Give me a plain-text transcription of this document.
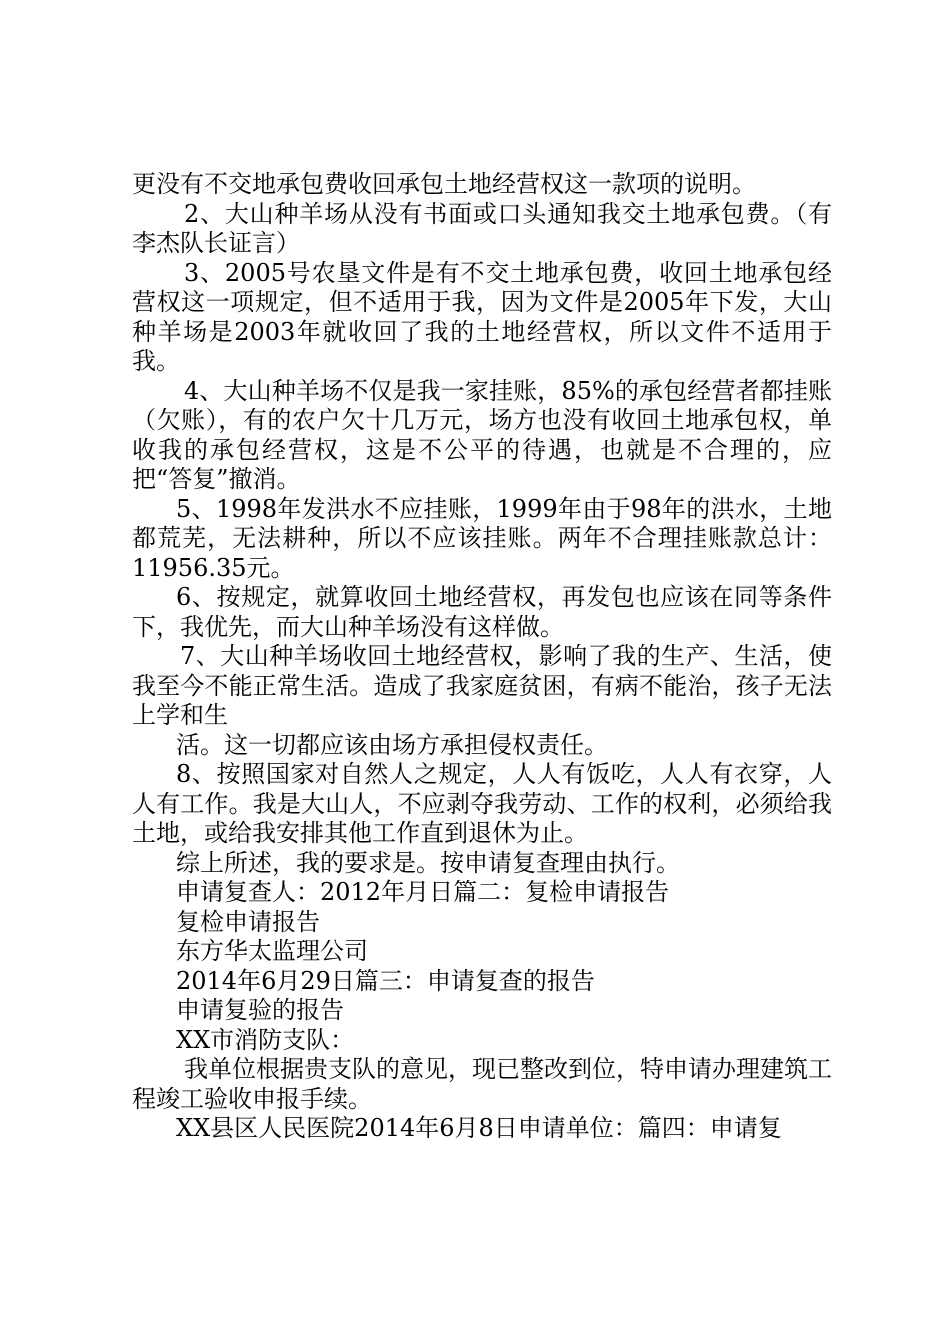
更没有不交地承包费收回承包土地经营权这一款项的说明。

2、大山种羊场从没有书面或口头通知我交土地承包费。（有李杰队长证言）

3、2005号农垦文件是有不交土地承包费，收回土地承包经营权这一项规定，但不适用于我，因为文件是2005年下发，大山种羊场是2003年就收回了我的土地经营权，所以文件不适用于我。

4、大山种羊场不仅是我一家挂账，85%的承包经营者都挂账（欠账），有的农户欠十几万元，场方也没有收回土地承包权，单收我的承包经营权，这是不公平的待遇，也就是不合理的，应把“答复”撤消。

5、1998年发洪水不应挂账，1999年由于98年的洪水，土地都荒芜，无法耕种，所以不应该挂账。两年不合理挂账款总计：11956.35元。

6、按规定，就算收回土地经营权，再发包也应该在同等条件下，我优先，而大山种羊场没有这样做。

7、大山种羊场收回土地经营权，影响了我的生产、生活，使我至今不能正常生活。造成了我家庭贫困，有病不能治，孩子无法上学和生

活。这一切都应该由场方承担侵权责任。

8、按照国家对自然人之规定，人人有饭吃，人人有衣穿，人人有工作。我是大山人，不应剥夺我劳动、工作的权利，必须给我土地，或给我安排其他工作直到退休为止。

综上所述，我的要求是。按申请复查理由执行。

申请复查人：2012年月日篇二：复检申请报告

复检申请报告

东方华太监理公司

2014年6月29日篇三：申请复查的报告

申请复验的报告

XX市消防支队：

我单位根据贵支队的意见，现已整改到位，特申请办理建筑工程竣工验收申报手续。

XX县区人民医院2014年6月8日申请单位：篇四：申请复
